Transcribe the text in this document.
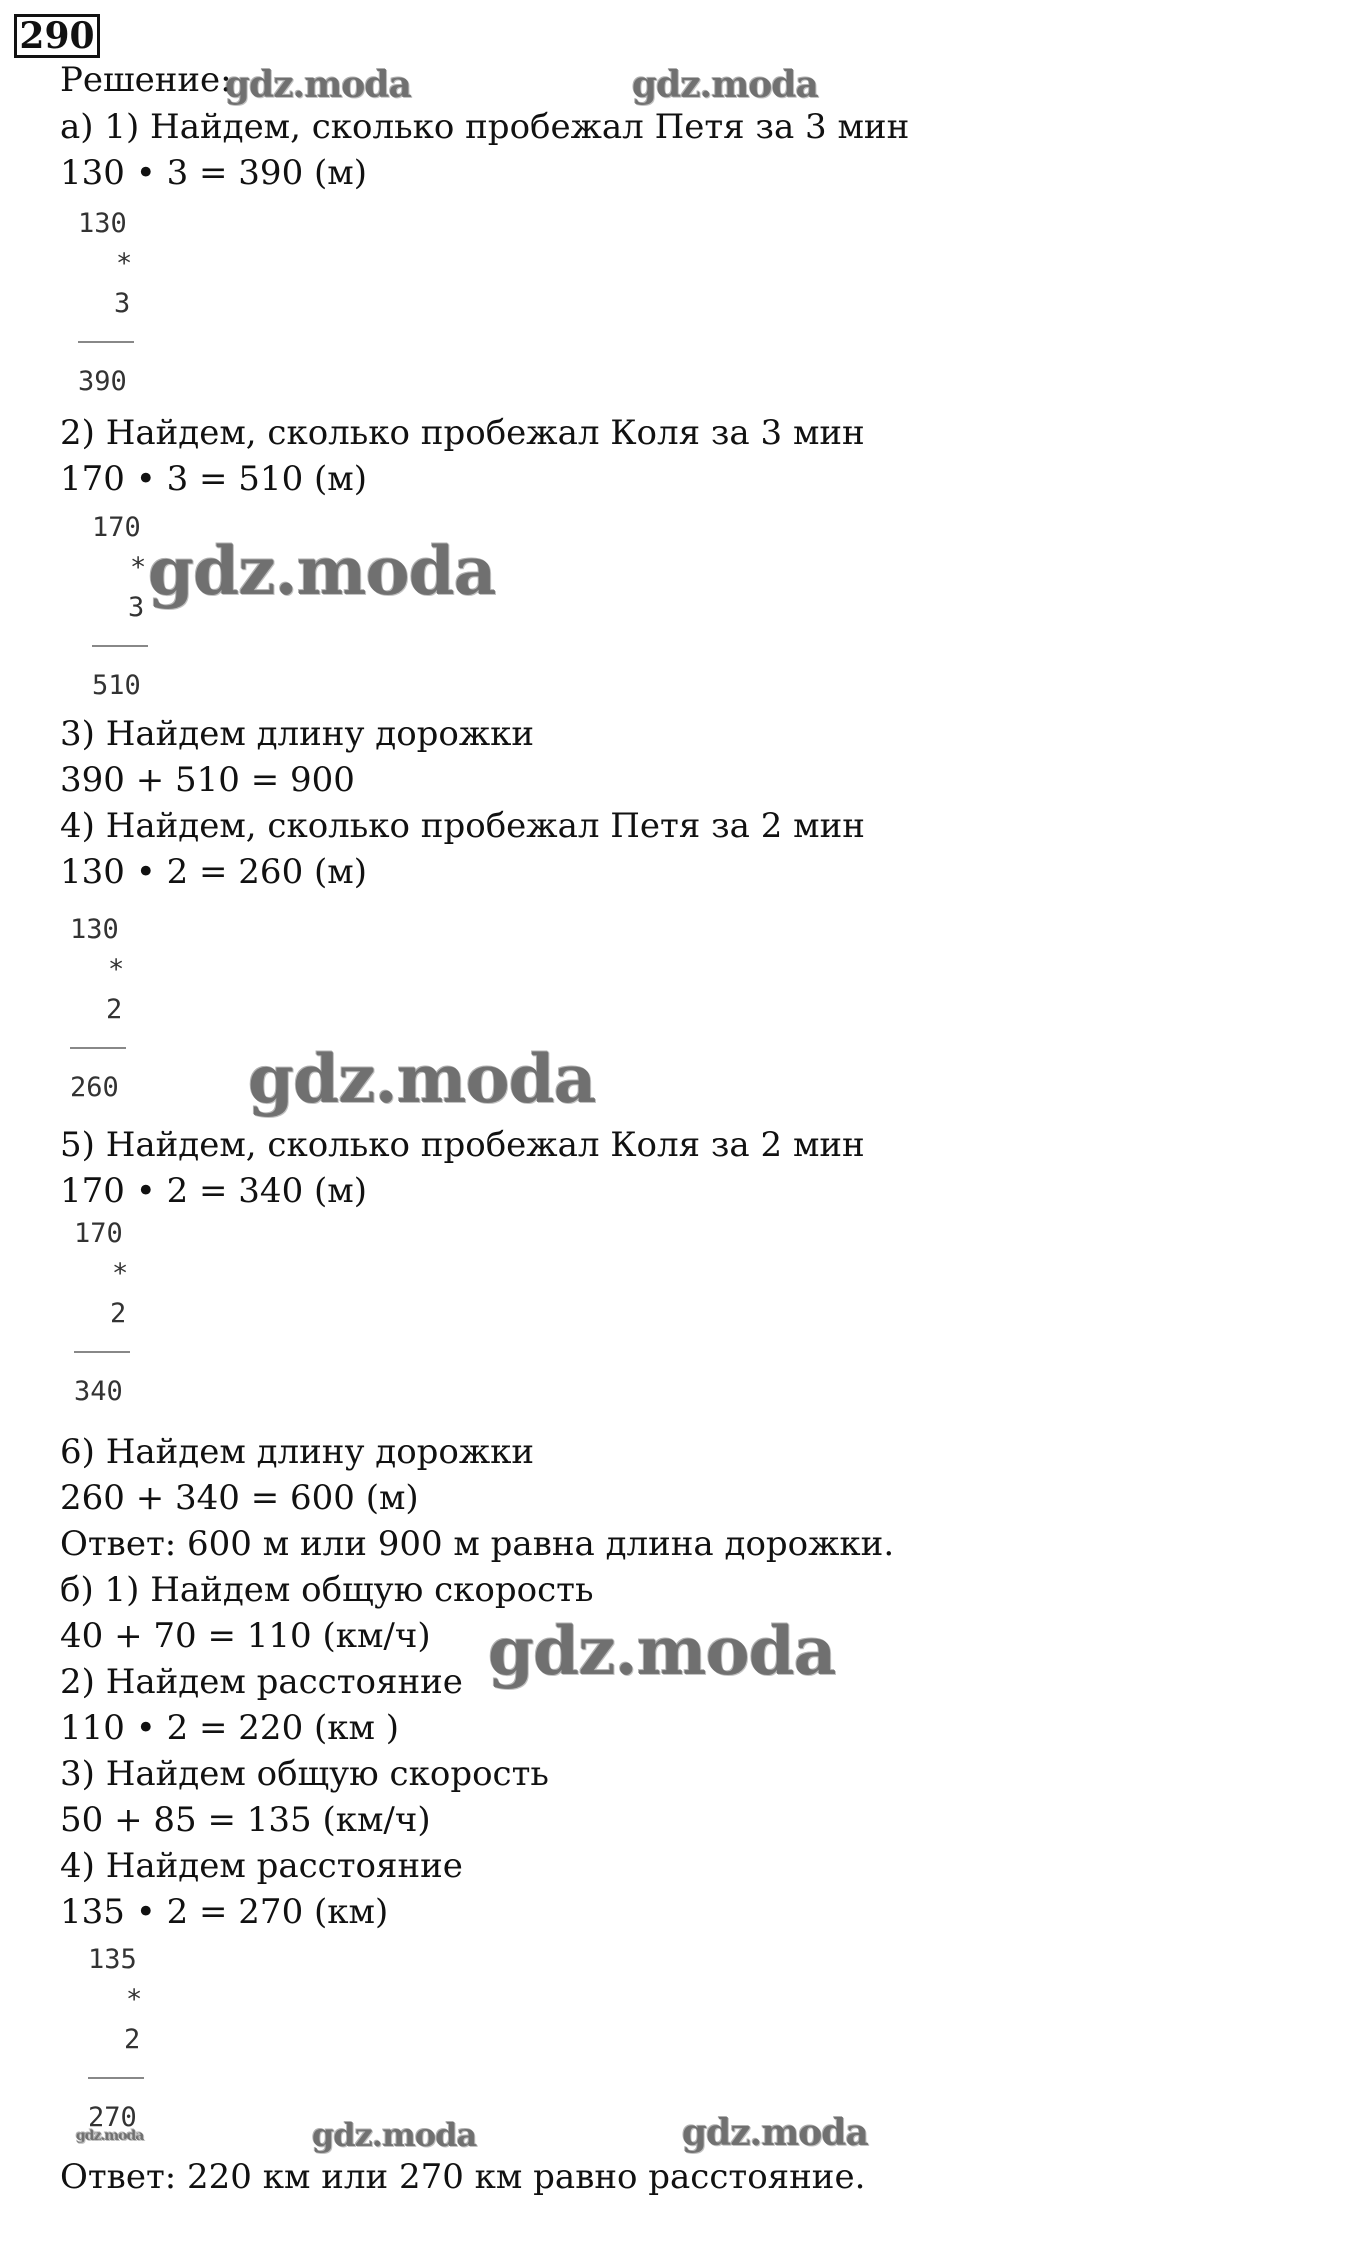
290
Решение:
а) 1) Найдем, сколько пробежал Петя за 3 мин
130 • 3 = 390 (м)
130
*
3
390
2) Найдем, сколько пробежал Коля за 3 мин
170 • 3 = 510 (м)
170
*
3
510
3) Найдем длину дорожки
390 + 510 = 900
4) Найдем, сколько пробежал Петя за 2 мин
130 • 2 = 260 (м)
130
*
2
260
5) Найдем, сколько пробежал Коля за 2 мин
170 • 2 = 340 (м)
170
*
2
340
6) Найдем длину дорожки
260 + 340 = 600 (м)
Ответ: 600 м или 900 м равна длина дорожки.
б) 1) Найдем общую скорость
40 + 70 = 110 (км/ч)
2) Найдем расстояние
110 • 2 = 220 (км )
3) Найдем общую скорость
50 + 85 = 135 (км/ч)
4) Найдем расстояние
135 • 2 = 270 (км)
135
*
2
270
Ответ: 220 км или 270 км равно расстояние.
gdz.moda	gdz.moda
gdz.moda
gdz.moda
gdz.moda
gdz.moda	gdz.moda	gdz.moda
